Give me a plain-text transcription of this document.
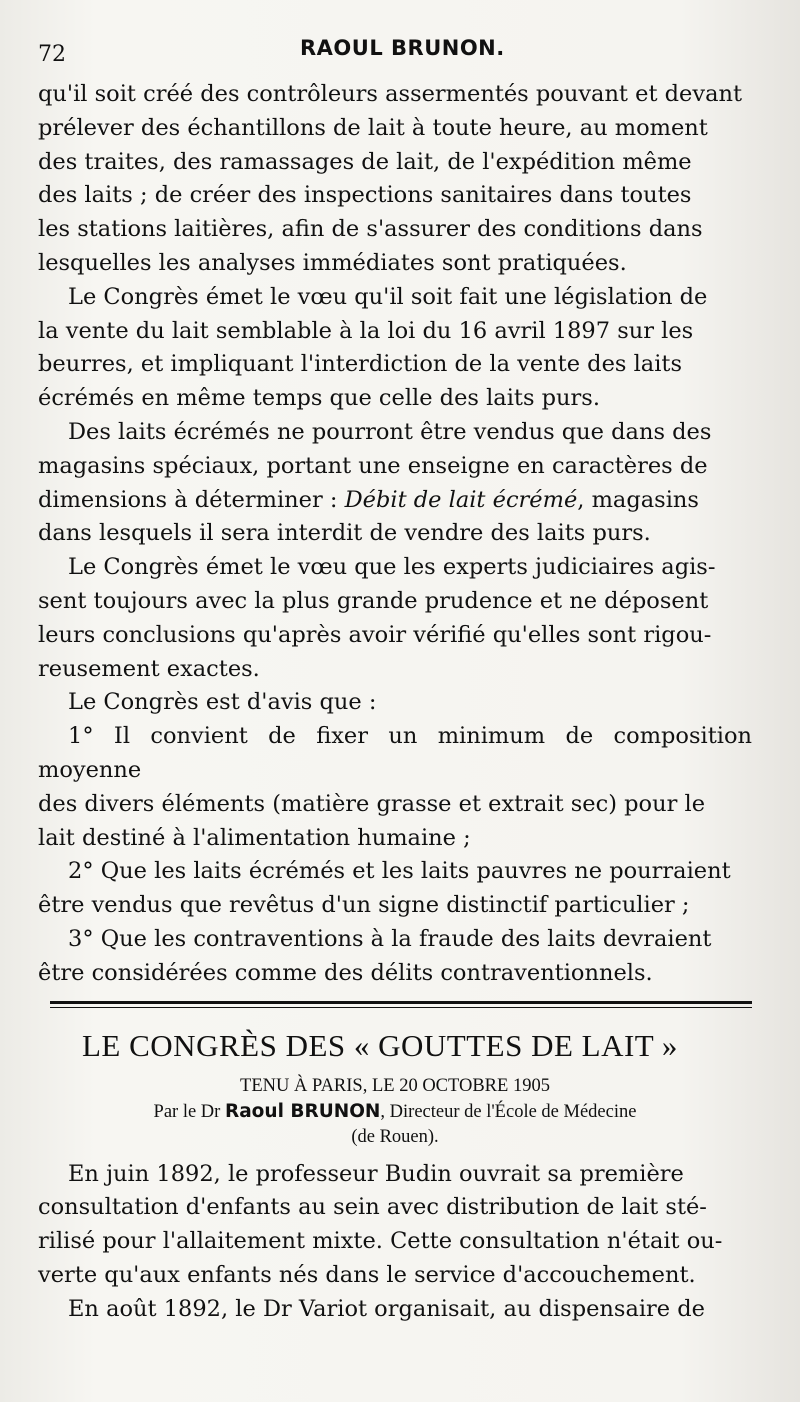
72	RAOUL BRUNON.

qu'il soit créé des contrôleurs assermentés pouvant et devant
prélever des échantillons de lait à toute heure, au moment
des traites, des ramassages de lait, de l'expédition même
des laits ; de créer des inspections sanitaires dans toutes
les stations laitières, afin de s'assurer des conditions dans
lesquelles les analyses immédiates sont pratiquées.

Le Congrès émet le vœu qu'il soit fait une législation de
la vente du lait semblable à la loi du 16 avril 1897 sur les
beurres, et impliquant l'interdiction de la vente des laits
écrémés en même temps que celle des laits purs.

Des laits écrémés ne pourront être vendus que dans des
magasins spéciaux, portant une enseigne en caractères de
dimensions à déterminer : Débit de lait écrémé, magasins
dans lesquels il sera interdit de vendre des laits purs.

Le Congrès émet le vœu que les experts judiciaires agis-
sent toujours avec la plus grande prudence et ne déposent
leurs conclusions qu'après avoir vérifié qu'elles sont rigou-
reusement exactes.

Le Congrès est d'avis que :

1° Il convient de fixer un minimum de composition moyenne
des divers éléments (matière grasse et extrait sec) pour le
lait destiné à l'alimentation humaine ;

2° Que les laits écrémés et les laits pauvres ne pourraient
être vendus que revêtus d'un signe distinctif particulier ;

3° Que les contraventions à la fraude des laits devraient
être considérées comme des délits contraventionnels.

LE CONGRÈS DES « GOUTTES DE LAIT »
TENU À PARIS, LE 20 OCTOBRE 1905
Par le Dr Raoul BRUNON, Directeur de l'École de Médecine
(de Rouen).

En juin 1892, le professeur Budin ouvrait sa première
consultation d'enfants au sein avec distribution de lait sté-
rilisé pour l'allaitement mixte. Cette consultation n'était ou-
verte qu'aux enfants nés dans le service d'accouchement.

En août 1892, le Dr Variot organisait, au dispensaire de
